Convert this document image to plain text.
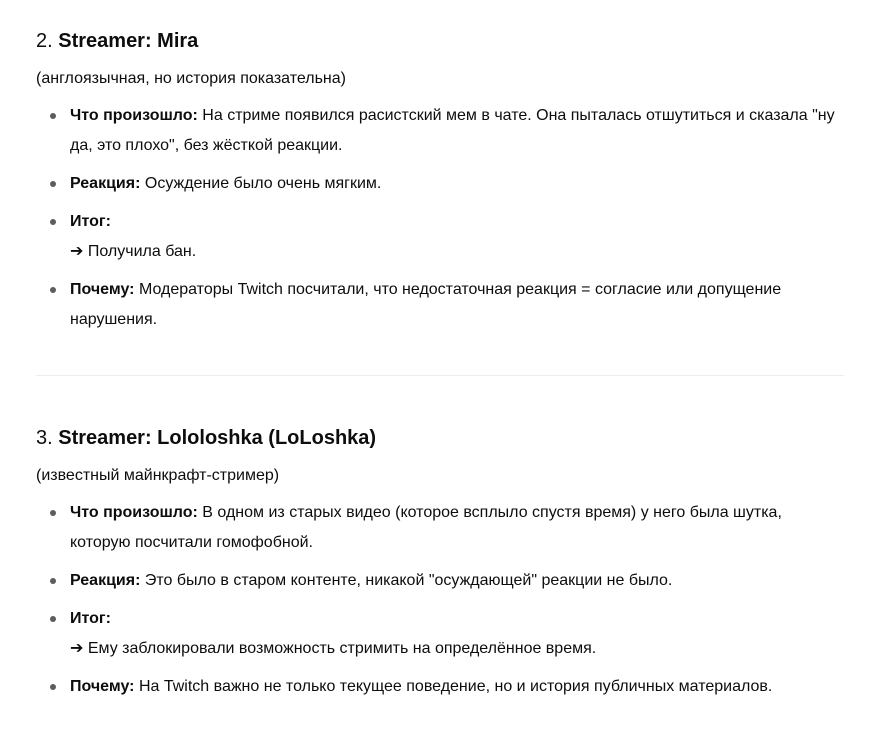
2. Streamer: Mira
(англоязычная, но история показательна)
Что произошло: На стриме появился расистский мем в чате. Она пыталась отшутиться и сказала "ну да, это плохо", без жёсткой реакции.
Реакция: Осуждение было очень мягким.
Итог:
➔ Получила бан.
Почему: Модераторы Twitch посчитали, что недостаточная реакция = согласие или допущение нарушения.
3. Streamer: Lololoshka (LoLoshka)
(известный майнкрафт-стример)
Что произошло: В одном из старых видео (которое всплыло спустя время) у него была шутка, которую посчитали гомофобной.
Реакция: Это было в старом контенте, никакой "осуждающей" реакции не было.
Итог:
➔ Ему заблокировали возможность стримить на определённое время.
Почему: На Twitch важно не только текущее поведение, но и история публичных материалов.
